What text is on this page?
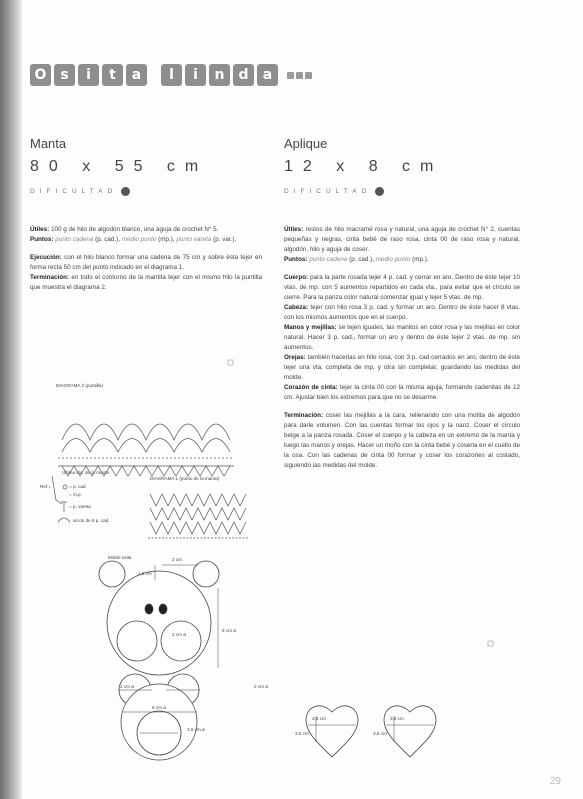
O s	i	t	a	l	i	n	d	a
Manta
80 x 55 cm
DIFICULTAD
Aplique
12 x 8 cm
DIFICULTAD

Útiles: 100 g de hilo de algodón blanco, una aguja de crochet N° 5.

Puntos: punto cadena (p. cad.), medio punto (mp.), punto vareta (p. var.).

Ejecución: con el hilo blanco formar una cadena de 75 cm y sobre ésta tejer en forma recta 50 cm del punto indicado en el diagrama 1.

Terminación: en todo el contorno de la mantita tejer con el mismo hilo la puntilla que muestra el diagrama 2.

Útiles: restos de hilo macramé rosa y natural, una aguja de crochet N° 2, cuentas pequeñas y negras, cinta bebé de raso rosa, cinta 00 de raso rosa y natural, algodón, hilo y aguja de coser.

Puntos: punto cadena (p. cad.), medio punto (mp.).

Cuerpo: para la parte rosada tejer 4 p. cad. y cerrar en aro. Dentro de éste tejer 10 vtas. de mp. con 5 aumentos repartidos en cada vta., para evitar que el círculo se cierre. Para la panza color natural comenzar igual y tejer 5 vtas. de mp.

Cabeza: tejer con hilo rosa 3 p. cad. y formar un aro. Dentro de éste hacer 8 vtas. con los mismos aumentos que en el cuerpo.

Manos y mejillas: se tejen iguales, las manitos en color rosa y las mejillas en color natural. Hacer 3 p. cad., formar un aro y dentro de éste tejer 2 vtas. de mp. sin aumentos.

Orejas: también hacerlas en hilo rosa, con 3 p. cad cerrados en aro; dentro de éste tejer una vta. completa de mp. y otra sin completar, guardando las medidas del molde.

Corazón de cinta: tejer la cinta 00 con la misma aguja, formando cadenitas de 12 cm. Ajustar bien los extremos para que no se desarme.

Terminación: coser las mejillas a la cara, rellenando con una motita de algodón para darle volumen. Con las cuentas formar los ojos y la nariz. Coser el círculo beige a la panza rosada. Coser el cuerpo y la cabeza en un extremo de la manta y luego las manos y orejas. Hacer un moño con la cinta bebé y coserla en el cuello de la osa. Con las cadenas de cinta 00 formar y coser los corazones al costado, siguiendo las medidas del molde.

DIAGRAMA 2 (puntilla)
DIAGRAMA 1 (punto de la manta)
Última vta. de la manta
Ref.=	= p. cad.
= m.p.
= p. vareta
arcos de 6 p. cad.
Molde osita	2 cm
1,5 cm
2 cm ø
5 cm ø
2 cm ø	2 cm ø
6 cm ø
3,5 cm ø
3,5 cm
3,5 cm
3,5 cm
3,5 cm
29
